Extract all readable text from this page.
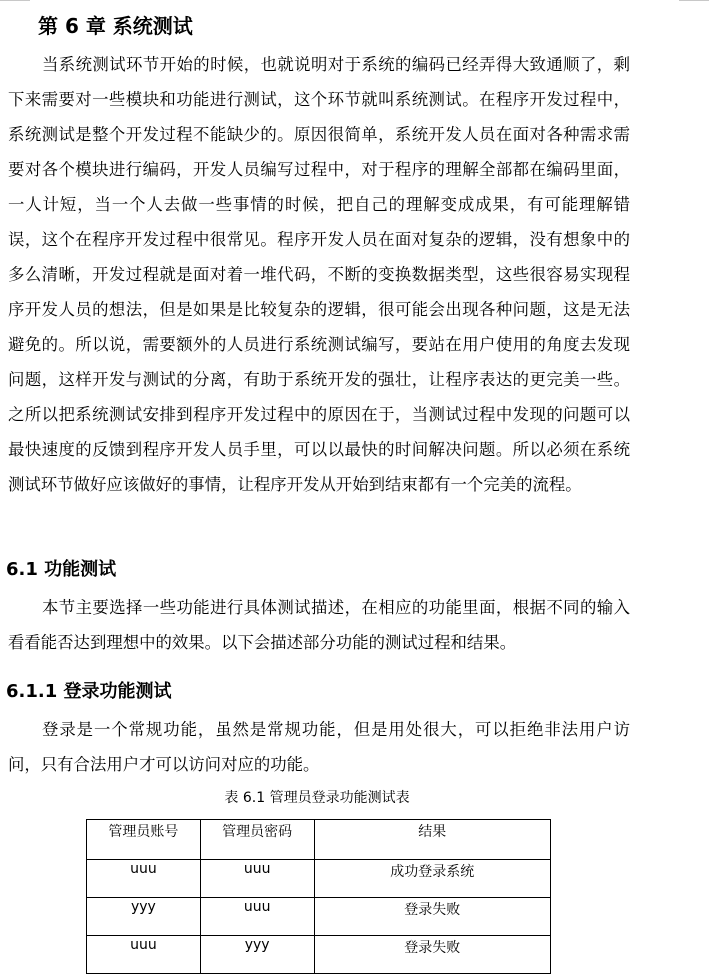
第 6 章 系统测试

当系统测试环节开始的时候，也就说明对于系统的编码已经弄得大致通顺了，剩下来需要对一些模块和功能进行测试，这个环节就叫系统测试。在程序开发过程中，系统测试是整个开发过程不能缺少的。原因很简单，系统开发人员在面对各种需求需要对各个模块进行编码，开发人员编写过程中，对于程序的理解全部都在编码里面，一人计短，当一个人去做一些事情的时候，把自己的理解变成成果，有可能理解错误，这个在程序开发过程中很常见。程序开发人员在面对复杂的逻辑，没有想象中的多么清晰，开发过程就是面对着一堆代码，不断的变换数据类型，这些很容易实现程序开发人员的想法，但是如果是比较复杂的逻辑，很可能会出现各种问题，这是无法避免的。所以说，需要额外的人员进行系统测试编写，要站在用户使用的角度去发现问题，这样开发与测试的分离，有助于系统开发的强壮，让程序表达的更完美一些。之所以把系统测试安排到程序开发过程中的原因在于，当测试过程中发现的问题可以最快速度的反馈到程序开发人员手里，可以以最快的时间解决问题。所以必须在系统测试环节做好应该做好的事情，让程序开发从开始到结束都有一个完美的流程。

6.1 功能测试

本节主要选择一些功能进行具体测试描述，在相应的功能里面，根据不同的输入看看能否达到理想中的效果。以下会描述部分功能的测试过程和结果。

6.1.1 登录功能测试

登录是一个常规功能，虽然是常规功能，但是用处很大，可以拒绝非法用户访问，只有合法用户才可以访问对应的功能。

表 6.1 管理员登录功能测试表
管理员账号	管理员密码	结果
uuu	uuu	成功登录系统
yyy	uuu	登录失败
uuu	yyy	登录失败
